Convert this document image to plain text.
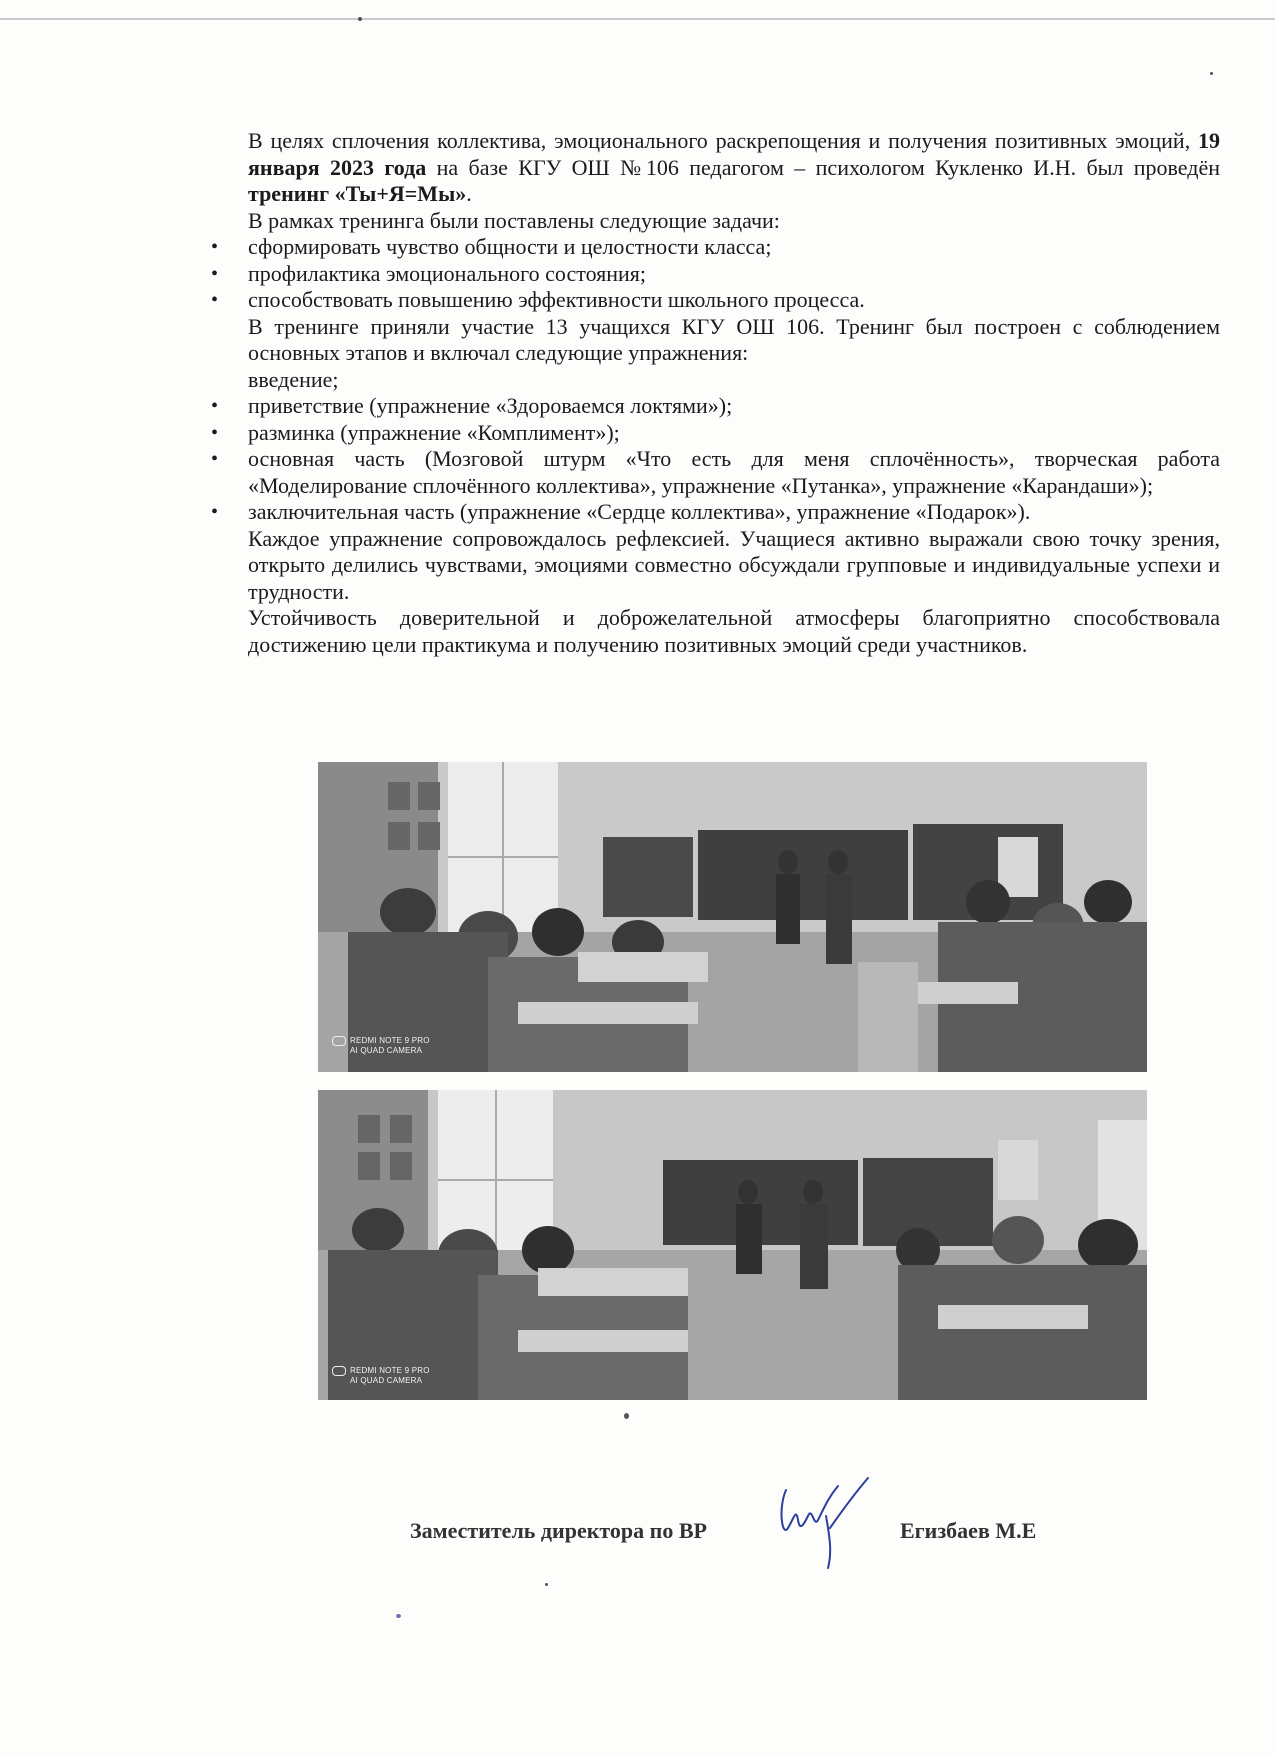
В целях сплочения коллектива, эмоционального раскрепощения и получения позитивных эмоций, 19 января 2023 года на базе КГУ ОШ №106 педагогом – психологом Кукленко И.Н. был проведён тренинг «Ты+Я=Мы».

В рамках тренинга были поставлены следующие задачи:

• сформировать чувство общности и целостности класса;

• профилактика эмоционального состояния;

• способствовать повышению эффективности школьного процесса.

В тренинге приняли участие 13 учащихся КГУ ОШ 106. Тренинг был построен с соблюдением основных этапов и включал следующие упражнения:

введение;

• приветствие (упражнение «Здороваемся локтями»);

• разминка (упражнение «Комплимент»);

• основная часть (Мозговой штурм «Что есть для меня сплочённость», творческая работа «Моделирование сплочённого коллектива», упражнение «Путанка», упражнение «Карандаши»);

• заключительная часть (упражнение «Сердце коллектива», упражнение «Подарок»).

Каждое упражнение сопровождалось рефлексией. Учащиеся активно выражали свою точку зрения, открыто делились чувствами, эмоциями совместно обсуждали групповые и индивидуальные успехи и трудности.

Устойчивость доверительной и доброжелательной атмосферы благоприятно способствовала достижению цели практикума и получению позитивных эмоций среди участников.

REDMI NOTE 9 PRO
AI QUAD CAMERA
REDMI NOTE 9 PRO
AI QUAD CAMERA
Заместитель директора по ВР	Егизбаев М.Е
